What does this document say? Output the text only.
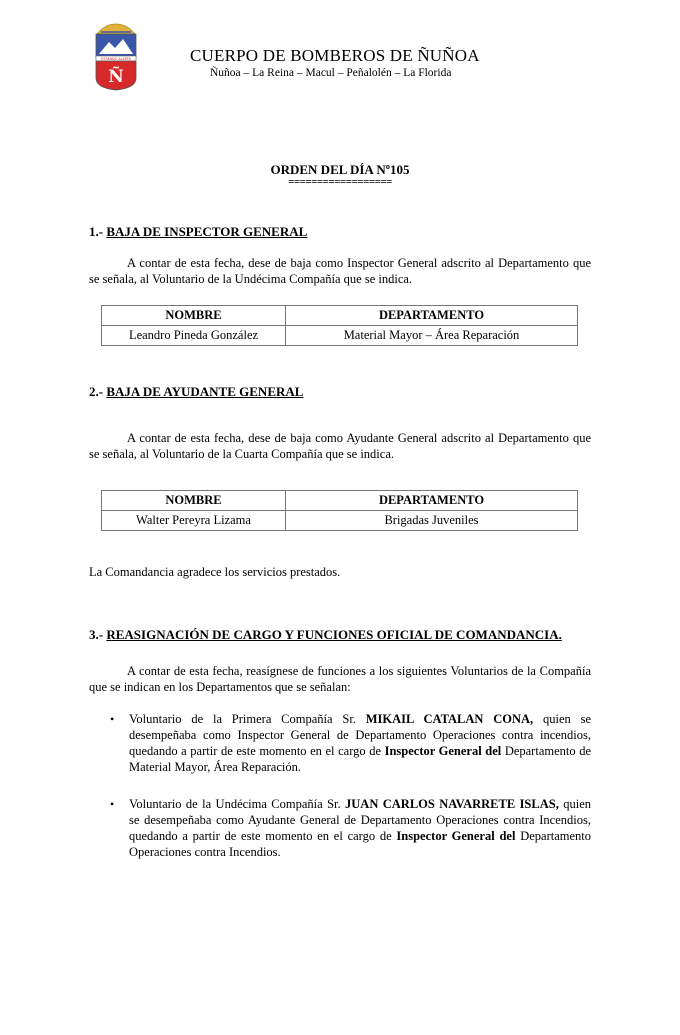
ESTANDO ALERTA
Ñ
CUERPO DE BOMBEROS DE ÑUÑOA
Ñuñoa – La Reina – Macul – Peñalolén – La Florida
ORDEN DEL DÍA Nº105
==================
1.- BAJA DE INSPECTOR GENERAL

A contar de esta fecha, dese de baja como Inspector General adscrito al Departamento que se señala, al Voluntario de la Undécima Compañía que se indica.

NOMBRE	DEPARTAMENTO
Leandro Pineda González	Material Mayor – Área Reparación
2.- BAJA DE AYUDANTE GENERAL

A contar de esta fecha, dese de baja como Ayudante General adscrito al Departamento que se señala, al Voluntario de la Cuarta Compañía que se indica.

NOMBRE	DEPARTAMENTO
Walter Pereyra Lizama	Brigadas Juveniles
La Comandancia agradece los servicios prestados.
3.- REASIGNACIÓN DE CARGO Y FUNCIONES OFICIAL DE COMANDANCIA.

A contar de esta fecha, reasígnese de funciones a los siguientes Voluntarios de la Compañía que se indican en los Departamentos que se señalan:

• Voluntario de la Primera Compañía Sr. MIKAIL CATALAN CONA, quien se desempeñaba como Inspector General de Departamento Operaciones contra incendios, quedando a partir de este momento en el cargo de Inspector General del Departamento de Material Mayor, Área Reparación.

• Voluntario de la Undécima Compañía Sr. JUAN CARLOS NAVARRETE ISLAS, quien se desempeñaba como Ayudante General de Departamento Operaciones contra Incendios, quedando a partir de este momento en el cargo de Inspector General del Departamento Operaciones contra Incendios.
